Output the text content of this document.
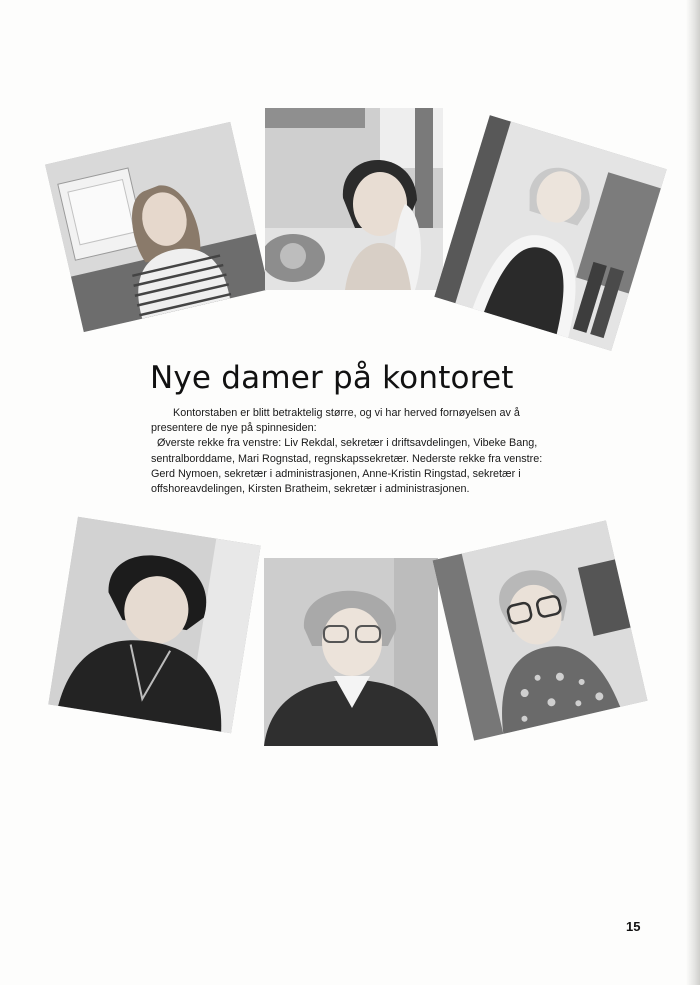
Nye damer på kontoret
Kontorstaben er blitt betraktelig større, og vi har herved fornøyelsen av å
presentere de nye på spinnesiden:
Øverste rekke fra venstre: Liv Rekdal, sekretær i driftsavdelingen, Vibeke Bang,
sentralborddame, Mari Rognstad, regnskapssekretær. Nederste rekke fra venstre:
Gerd Nymoen, sekretær i administrasjonen, Anne-Kristin Ringstad, sekretær i
offshoreavdelingen, Kirsten Bratheim, sekretær i administrasjonen.
15
